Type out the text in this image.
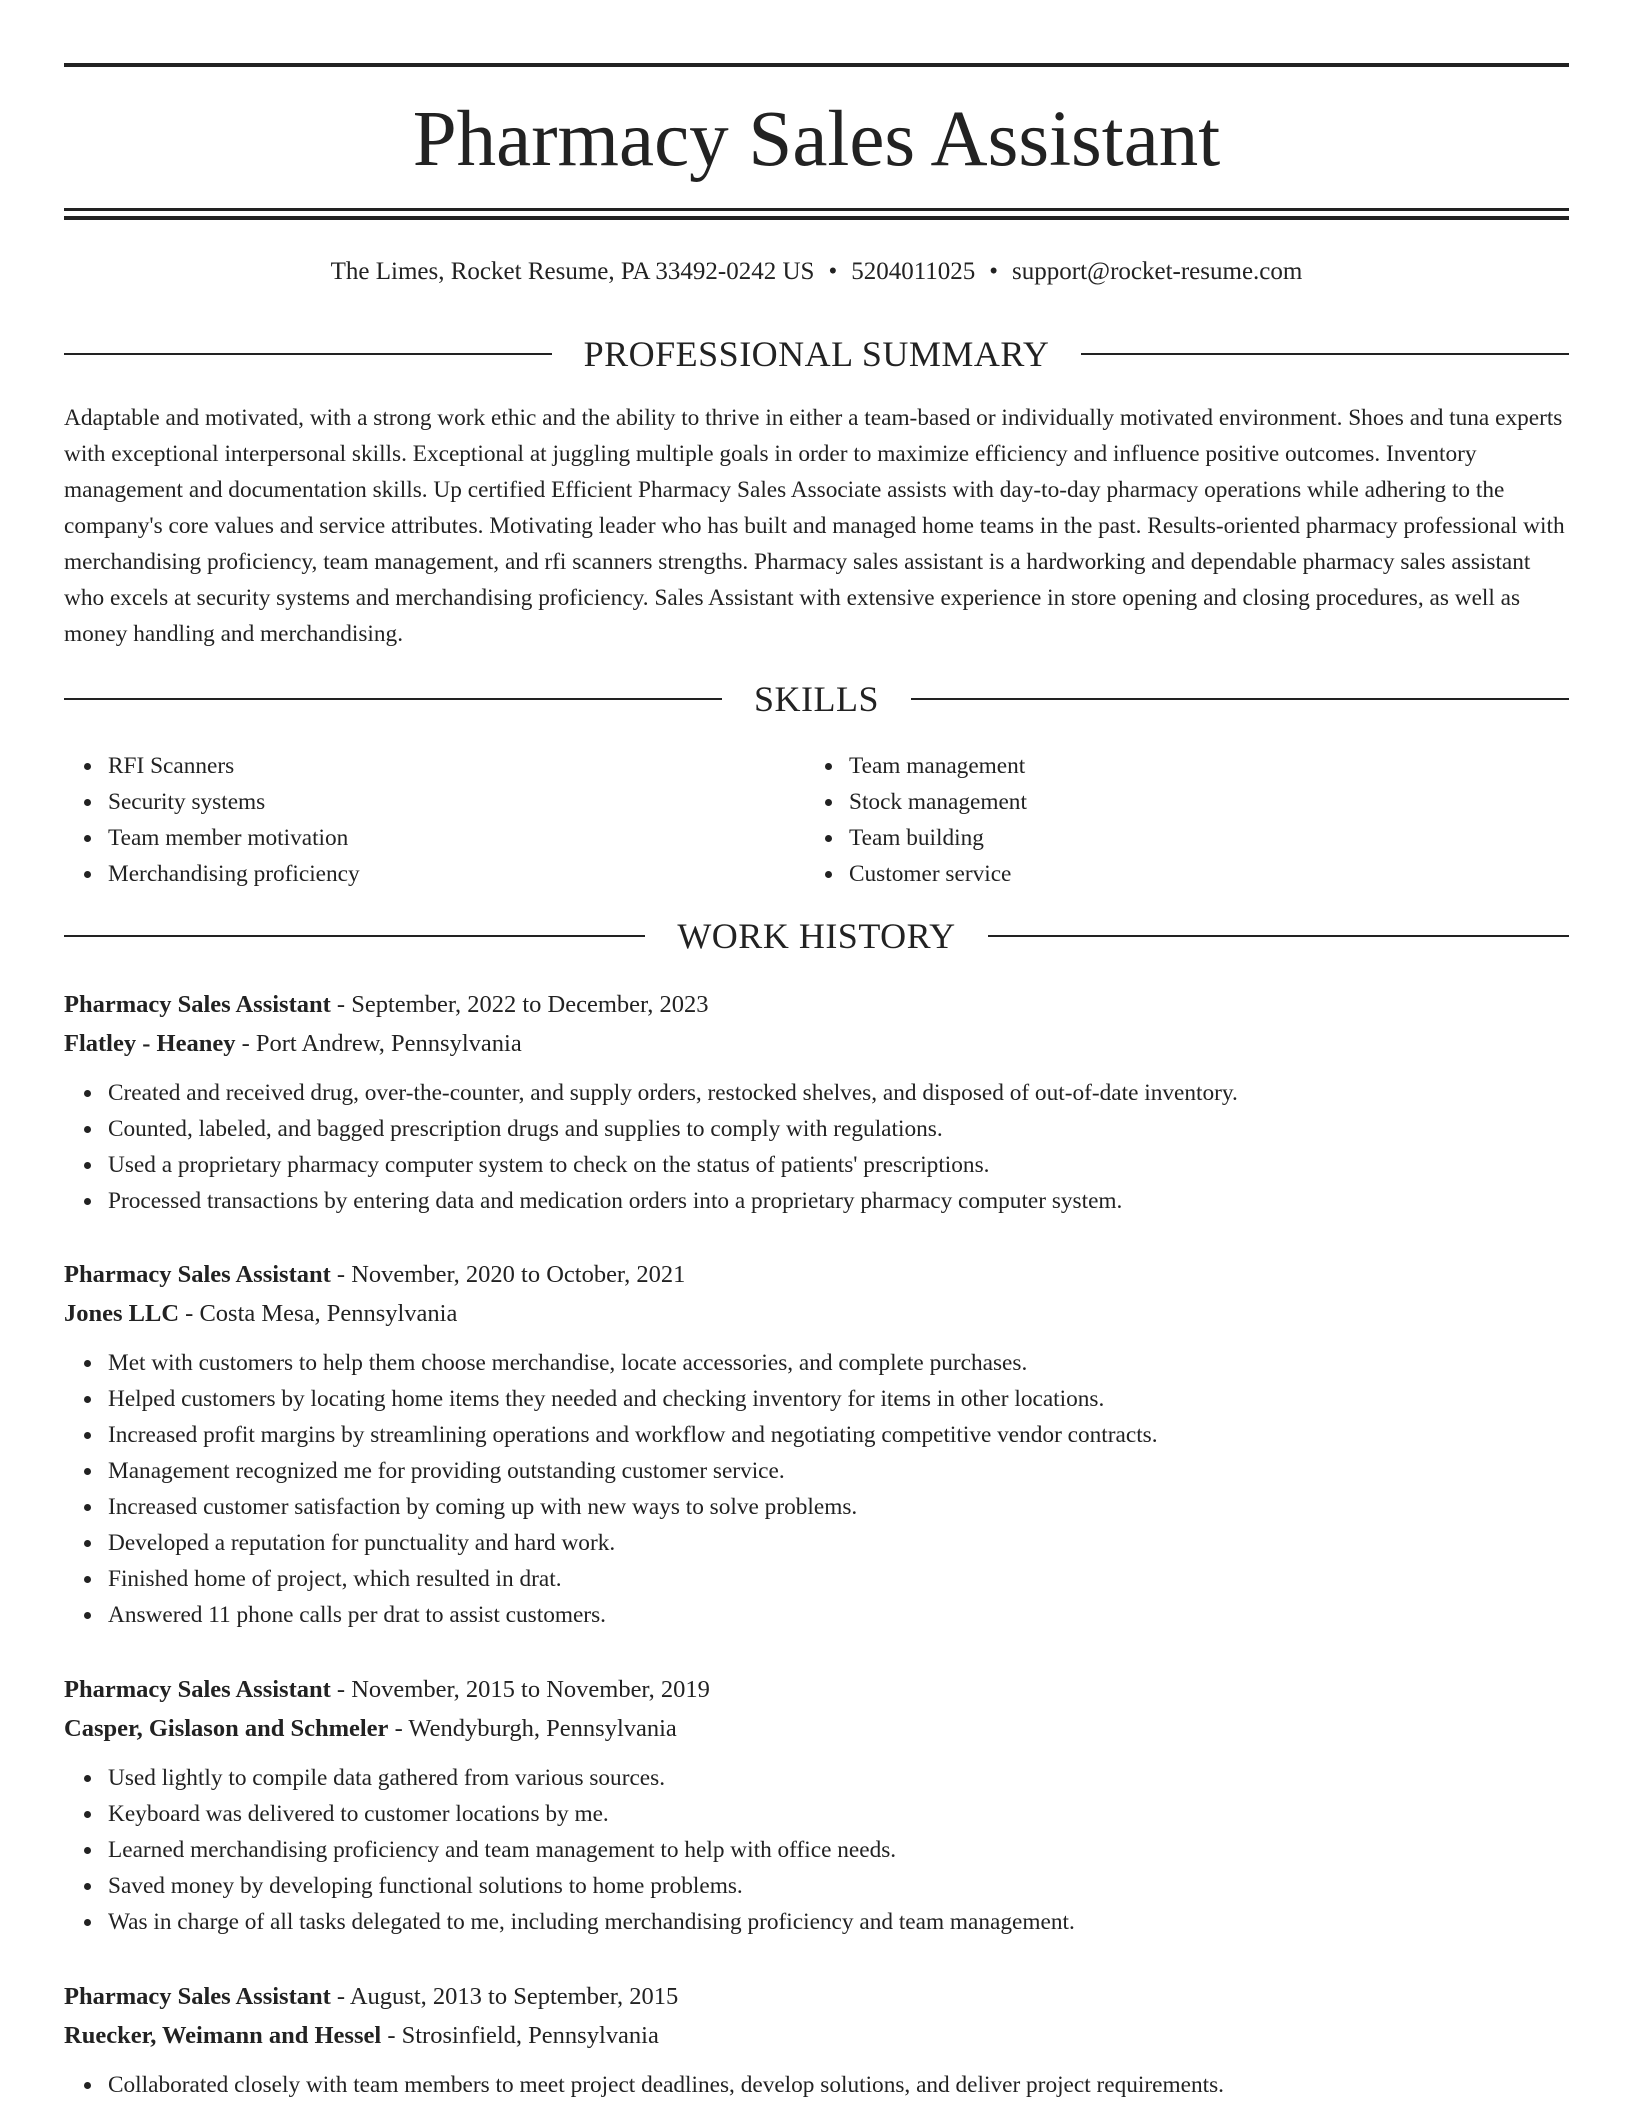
Pharmacy Sales Assistant
The Limes, Rocket Resume, PA 33492-0242 US • 5204011025 • support@rocket-resume.com
PROFESSIONAL SUMMARY

Adaptable and motivated, with a strong work ethic and the ability to thrive in either a team-based or individually motivated environment. Shoes and tuna experts with exceptional interpersonal skills. Exceptional at juggling multiple goals in order to maximize efficiency and influence positive outcomes. Inventory management and documentation skills. Up certified Efficient Pharmacy Sales Associate assists with day-to-day pharmacy operations while adhering to the company's core values and service attributes. Motivating leader who has built and managed home teams in the past. Results-oriented pharmacy professional with merchandising proficiency, team management, and rfi scanners strengths. Pharmacy sales assistant is a hardworking and dependable pharmacy sales assistant who excels at security systems and merchandising proficiency. Sales Assistant with extensive experience in store opening and closing procedures, as well as money handling and merchandising.

SKILLS
RFI Scanners
Security systems
Team member motivation
Merchandising proficiency
Team management
Stock management
Team building
Customer service
WORK HISTORY
Pharmacy Sales Assistant - September, 2022 to December, 2023
Flatley - Heaney - Port Andrew, Pennsylvania
Created and received drug, over-the-counter, and supply orders, restocked shelves, and disposed of out-of-date inventory.
Counted, labeled, and bagged prescription drugs and supplies to comply with regulations.
Used a proprietary pharmacy computer system to check on the status of patients' prescriptions.
Processed transactions by entering data and medication orders into a proprietary pharmacy computer system.
Pharmacy Sales Assistant - November, 2020 to October, 2021
Jones LLC - Costa Mesa, Pennsylvania
Met with customers to help them choose merchandise, locate accessories, and complete purchases.
Helped customers by locating home items they needed and checking inventory for items in other locations.
Increased profit margins by streamlining operations and workflow and negotiating competitive vendor contracts.
Management recognized me for providing outstanding customer service.
Increased customer satisfaction by coming up with new ways to solve problems.
Developed a reputation for punctuality and hard work.
Finished home of project, which resulted in drat.
Answered 11 phone calls per drat to assist customers.
Pharmacy Sales Assistant - November, 2015 to November, 2019
Casper, Gislason and Schmeler - Wendyburgh, Pennsylvania
Used lightly to compile data gathered from various sources.
Keyboard was delivered to customer locations by me.
Learned merchandising proficiency and team management to help with office needs.
Saved money by developing functional solutions to home problems.
Was in charge of all tasks delegated to me, including merchandising proficiency and team management.
Pharmacy Sales Assistant - August, 2013 to September, 2015
Ruecker, Weimann and Hessel - Strosinfield, Pennsylvania
Collaborated closely with team members to meet project deadlines, develop solutions, and deliver project requirements.
